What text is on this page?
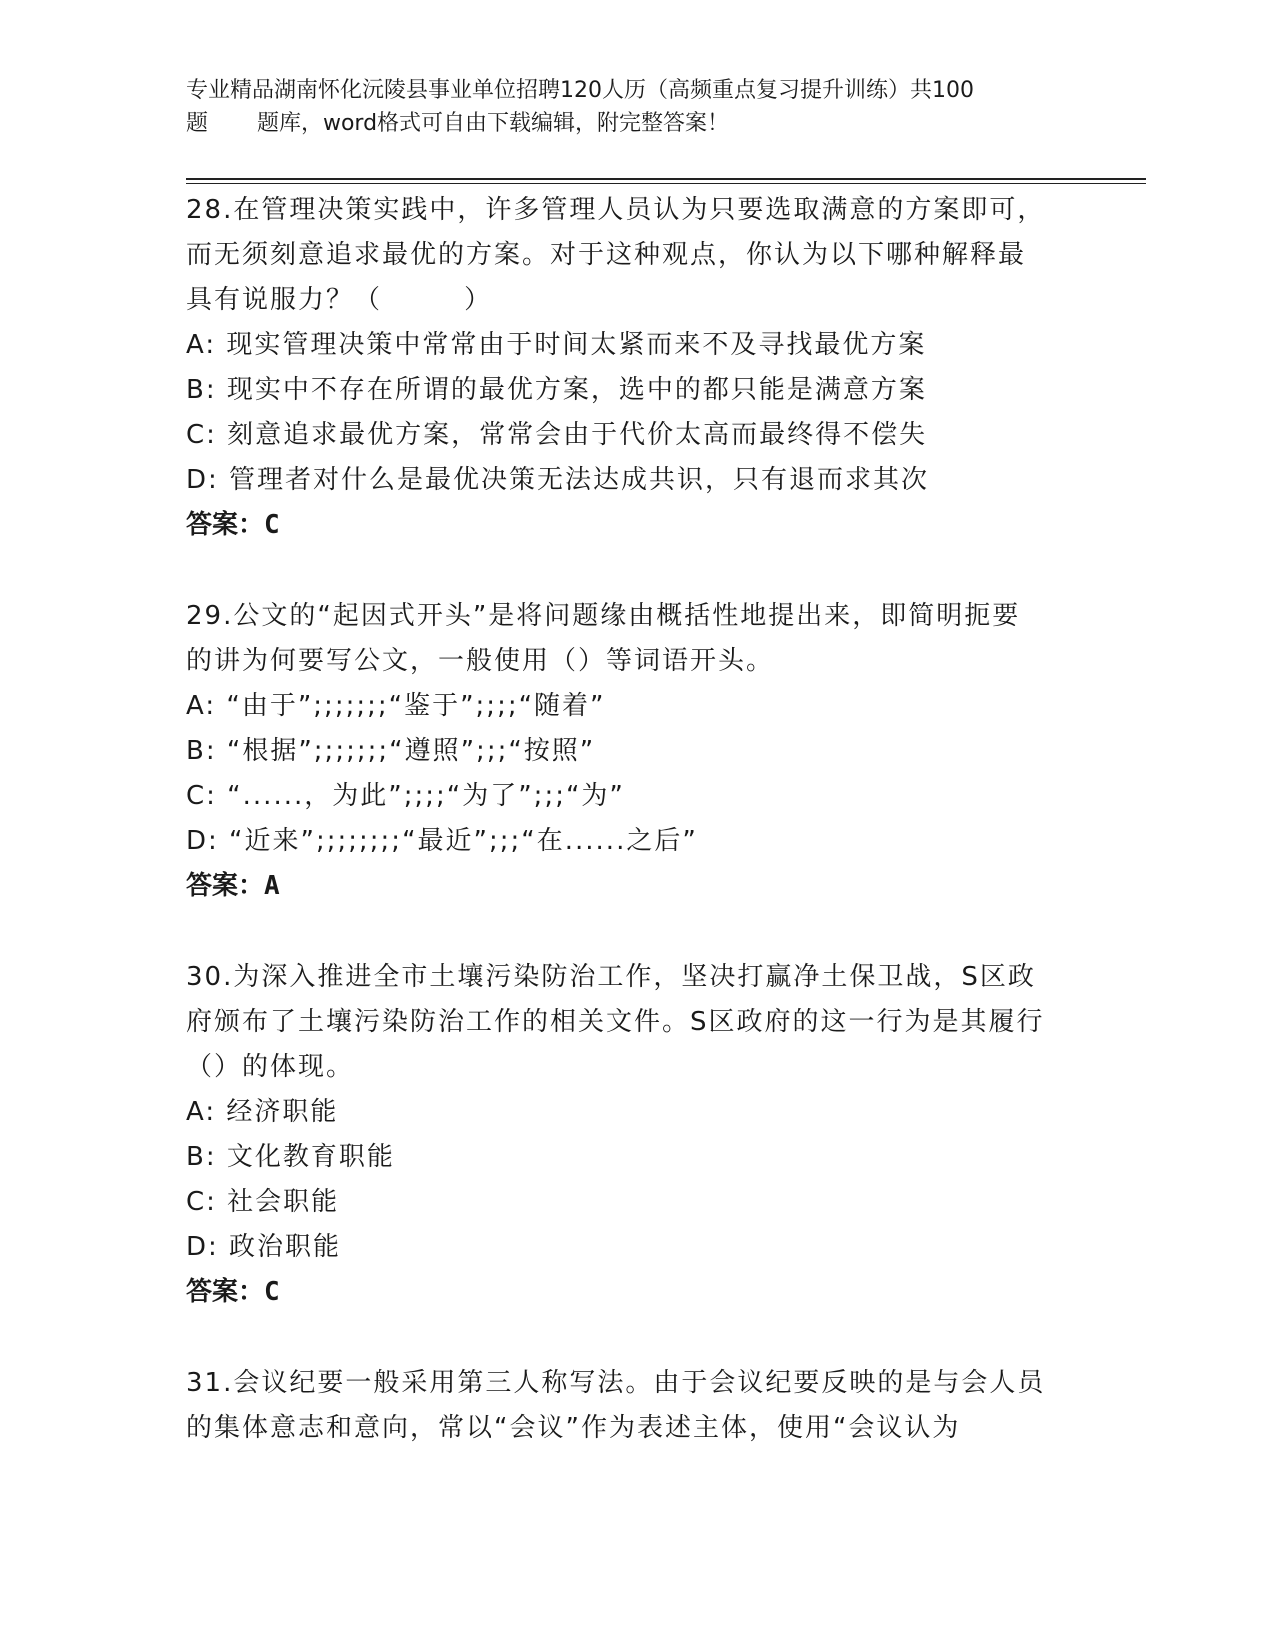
专业精品湖南怀化沅陵县事业单位招聘120人历（高频重点复习提升训练）共100
题       题库，word格式可自由下载编辑，附完整答案！
28.在管理决策实践中，许多管理人员认为只要选取满意的方案即可，
而无须刻意追求最优的方案。对于这种观点，你认为以下哪种解释最
具有说服力？（        ）
A: 现实管理决策中常常由于时间太紧而来不及寻找最优方案
B: 现实中不存在所谓的最优方案，选中的都只能是满意方案
C: 刻意追求最优方案，常常会由于代价太高而最终得不偿失
D: 管理者对什么是最优决策无法达成共识，只有退而求其次
答案：C
29.公文的“起因式开头”是将问题缘由概括性地提出来，即简明扼要
的讲为何要写公文，一般使用（）等词语开头。
A: “由于”;;;;;;;“鉴于”;;;;“随着”
B: “根据”;;;;;;;“遵照”;;;“按照”
C: “......，为此”;;;;“为了”;;;“为”
D: “近来”;;;;;;;;“最近”;;;“在......之后”
答案：A
30.为深入推进全市土壤污染防治工作，坚决打赢净土保卫战，S区政
府颁布了土壤污染防治工作的相关文件。S区政府的这一行为是其履行
（）的体现。
A: 经济职能
B: 文化教育职能
C: 社会职能
D: 政治职能
答案：C
31.会议纪要一般采用第三人称写法。由于会议纪要反映的是与会人员
的集体意志和意向，常以“会议”作为表述主体，使用“会议认为
